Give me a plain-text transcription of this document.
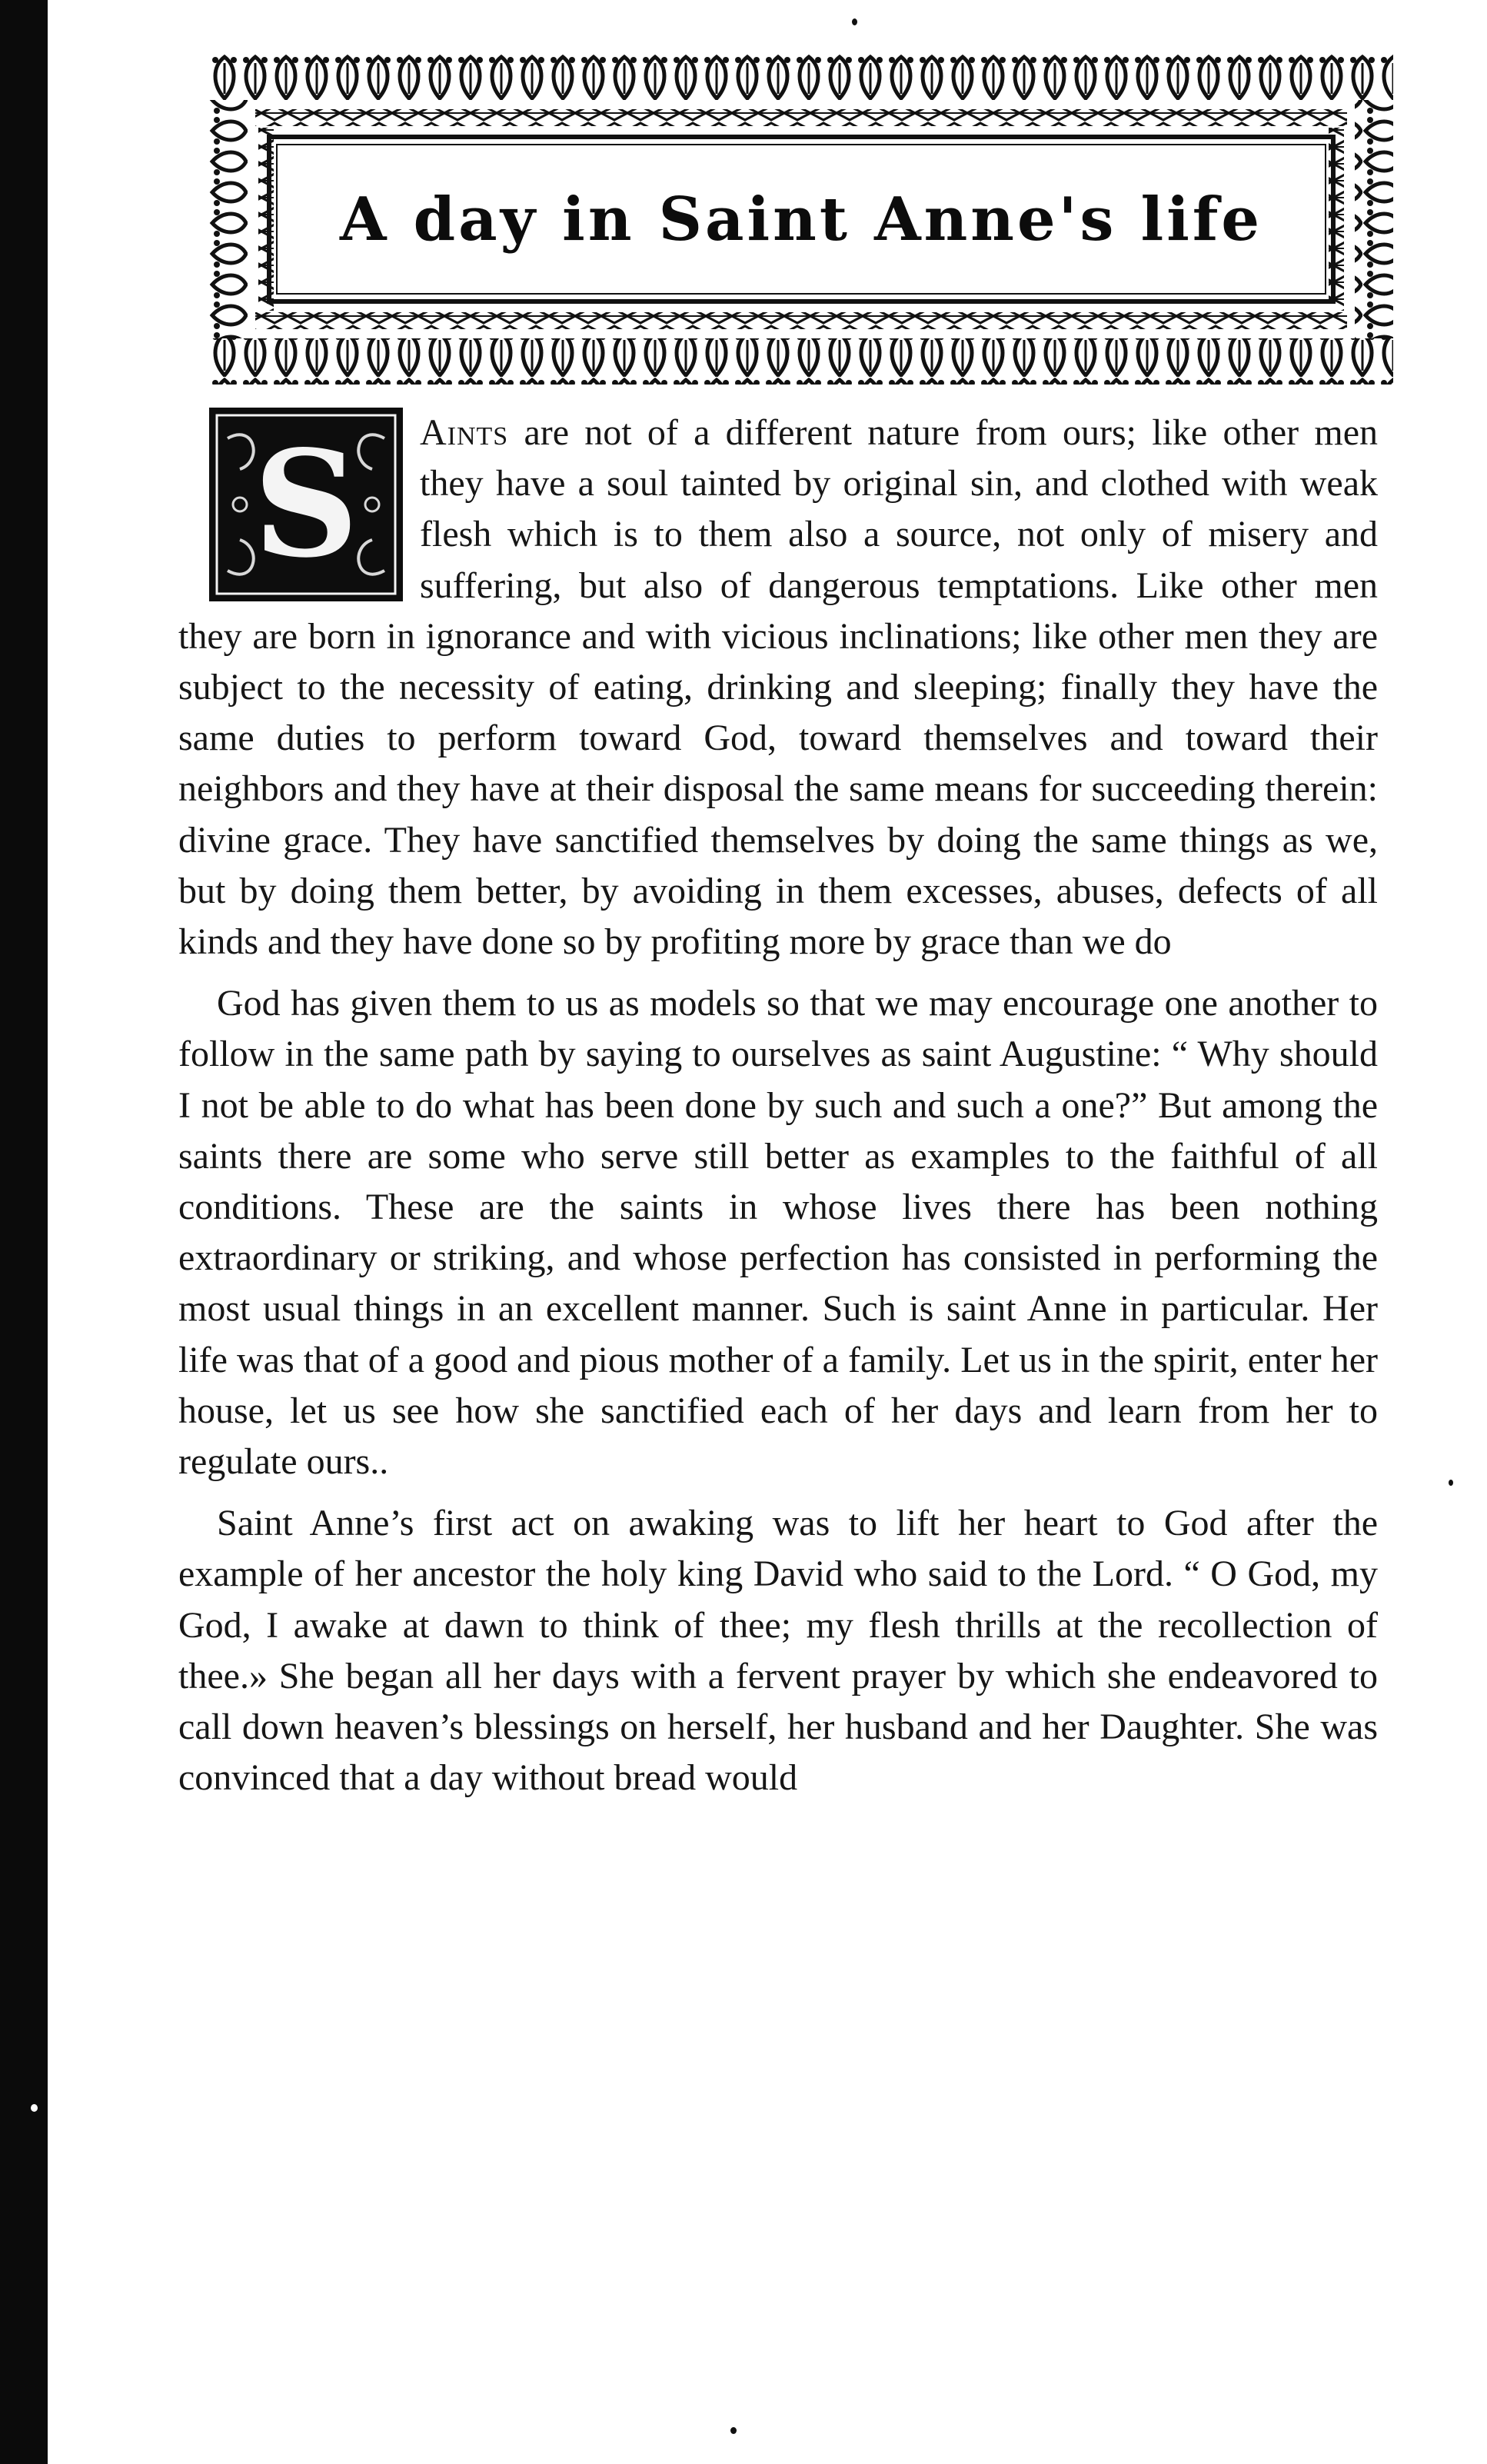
A day in Saint Anne's life
S	Aints are not of a different nature from ours; like other men they have a soul tainted by original sin, and clothed with weak flesh which is to them also a source, not only of misery and suffering, but also of dangerous temptations. Like other men they are born in ignorance and with vicious inclinations; like other men they are subject to the necessity of eating, drinking and sleeping; finally they have the same duties to perform toward God, toward themselves and toward their neighbors and they have at their disposal the same means for succeeding therein: divine grace. They have sanctified themselves by doing the same things as we, but by doing them better, by avoiding in them excesses, abuses, defects of all kinds and they have done so by profiting more by grace than we do

God has given them to us as models so that we may encourage one another to follow in the same path by saying to ourselves as saint Augustine: “ Why should I not be able to do what has been done by such and such a one?” But among the saints there are some who serve still better as examples to the faithful of all conditions. These are the saints in whose lives there has been nothing extraordinary or striking, and whose perfection has consisted in performing the most usual things in an excellent manner. Such is saint Anne in particular. Her life was that of a good and pious mother of a family. Let us in the spirit, enter her house, let us see how she sanctified each of her days and learn from her to regulate ours..

Saint Anne’s first act on awaking was to lift her heart to God after the example of her ancestor the holy king David who said to the Lord. “ O God, my God, I awake at dawn to think of thee; my flesh thrills at the recollection of thee.» She began all her days with a fervent prayer by which she endeavored to call down heaven’s blessings on herself, her husband and her Daughter. She was convinced that a day without bread would
